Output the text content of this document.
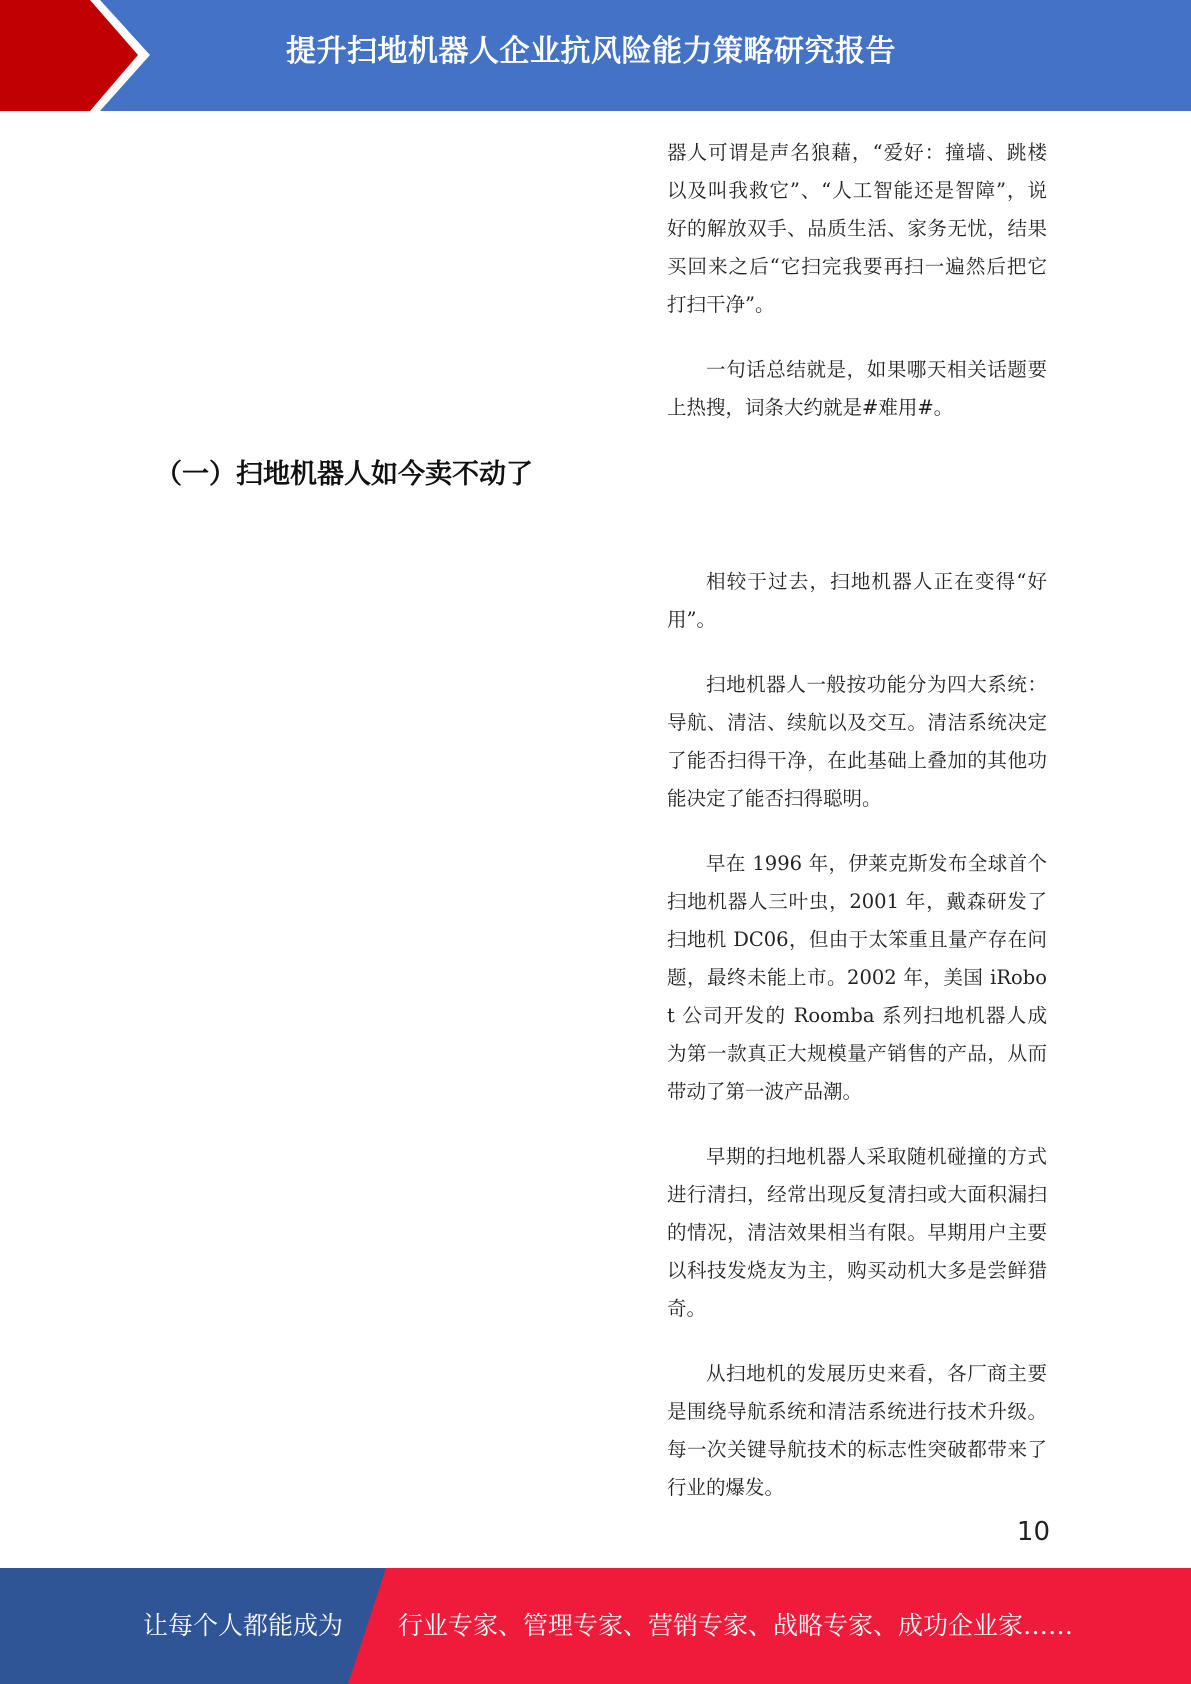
提升扫地机器人企业抗风险能力策略研究报告
（一）扫地机器人如今卖不动了

器人可谓是声名狼藉，“爱好：撞墙、跳楼以及叫我救它”、“人工智能还是智障”，说好的解放双手、品质生活、家务无忧，结果买回来之后“它扫完我要再扫一遍然后把它打扫干净”。

一句话总结就是，如果哪天相关话题要上热搜，词条大约就是#难用#。

相较于过去，扫地机器人正在变得“好用”。

扫地机器人一般按功能分为四大系统：导航、清洁、续航以及交互。清洁系统决定了能否扫得干净，在此基础上叠加的其他功能决定了能否扫得聪明。

早在 1996 年，伊莱克斯发布全球首个扫地机器人三叶虫，2001 年，戴森研发了扫地机 DC06，但由于太笨重且量产存在问题，最终未能上市。2002 年，美国 iRobot 公司开发的 Roomba 系列扫地机器人成为第一款真正大规模量产销售的产品，从而带动了第一波产品潮。

早期的扫地机器人采取随机碰撞的方式进行清扫，经常出现反复清扫或大面积漏扫的情况，清洁效果相当有限。早期用户主要以科技发烧友为主，购买动机大多是尝鲜猎奇。

从扫地机的发展历史来看，各厂商主要是围绕导航系统和清洁系统进行技术升级。每一次关键导航技术的标志性突破都带来了行业的爆发。

10
让每个人都能成为 行业专家、管理专家、营销专家、战略专家、成功企业家……
